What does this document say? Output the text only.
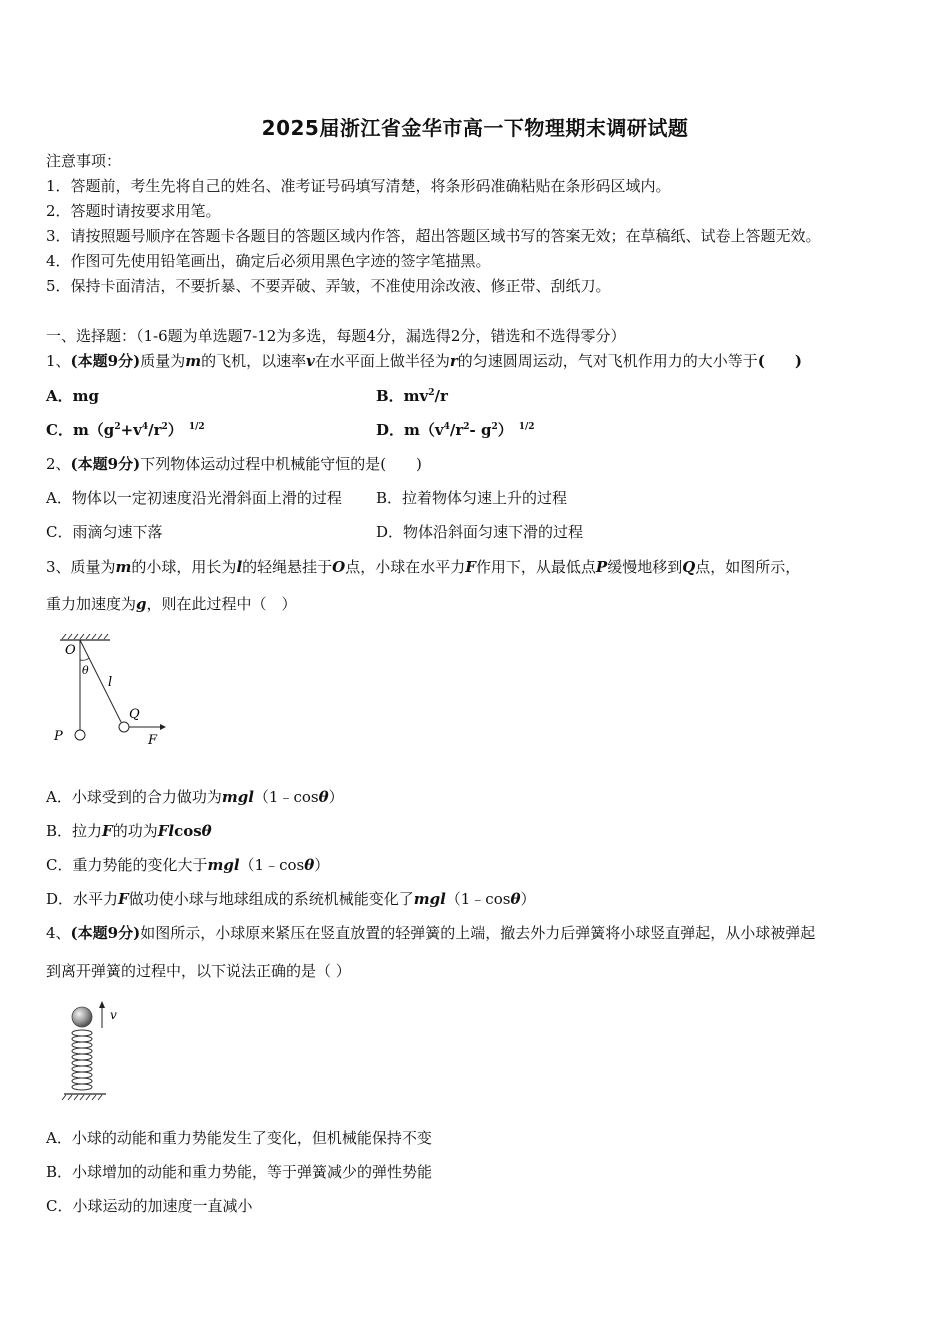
2025届浙江省金华市高一下物理期末调研试题
注意事项：
1．答题前，考生先将自己的姓名、准考证号码填写清楚，将条形码准确粘贴在条形码区域内。
2．答题时请按要求用笔。
3．请按照题号顺序在答题卡各题目的答题区域内作答，超出答题区域书写的答案无效；在草稿纸、试卷上答题无效。
4．作图可先使用铅笔画出，确定后必须用黑色字迹的签字笔描黑。
5．保持卡面清洁，不要折暴、不要弄破、弄皱，不准使用涂改液、修正带、刮纸刀。
一、选择题：（1-6题为单选题7-12为多选，每题4分，漏选得2分，错选和不选得零分）
1、(本题9分)质量为m的飞机，以速率v在水平面上做半径为r的匀速圆周运动，气对飞机作用力的大小等于(　　)
A．mg	B．$mv^2/r$
C．$m(g^2+v^4/r^2)$ $^{1/2}$	D．$m(v^4/r^2-$ $g^2$） $^{1/2}$
2、(本题9分)下列物体运动过程中机械能守恒的是(　　)
A．物体以一定初速度沿光滑斜面上滑的过程 B．拉着物体匀速上升的过程
C．雨滴匀速下落	D．物体沿斜面匀速下滑的过程
3、质量为m的小球，用长为l的轻绳悬挂于O点，小球在水平力F作用下，从最低点P缓慢地移到Q点，如图所示，
重力加速度为g，则在此过程中（　）
O
θ
l
Q
P	F
A．小球受到的合力做功为mgl（1﹣cosθ）
B．拉力F的功为Flcosθ
C．重力势能的变化大于mgl（1﹣cosθ）
D．水平力F做功使小球与地球组成的系统机械能变化了mgl（1﹣cosθ）
4、(本题9分)如图所示，小球原来紧压在竖直放置的轻弹簧的上端，撤去外力后弹簧将小球竖直弹起，从小球被弹起
到离开弹簧的过程中，以下说法正确的是（ ）
v
A．小球的动能和重力势能发生了变化，但机械能保持不变
B．小球增加的动能和重力势能，等于弹簧减少的弹性势能
C．小球运动的加速度一直减小
